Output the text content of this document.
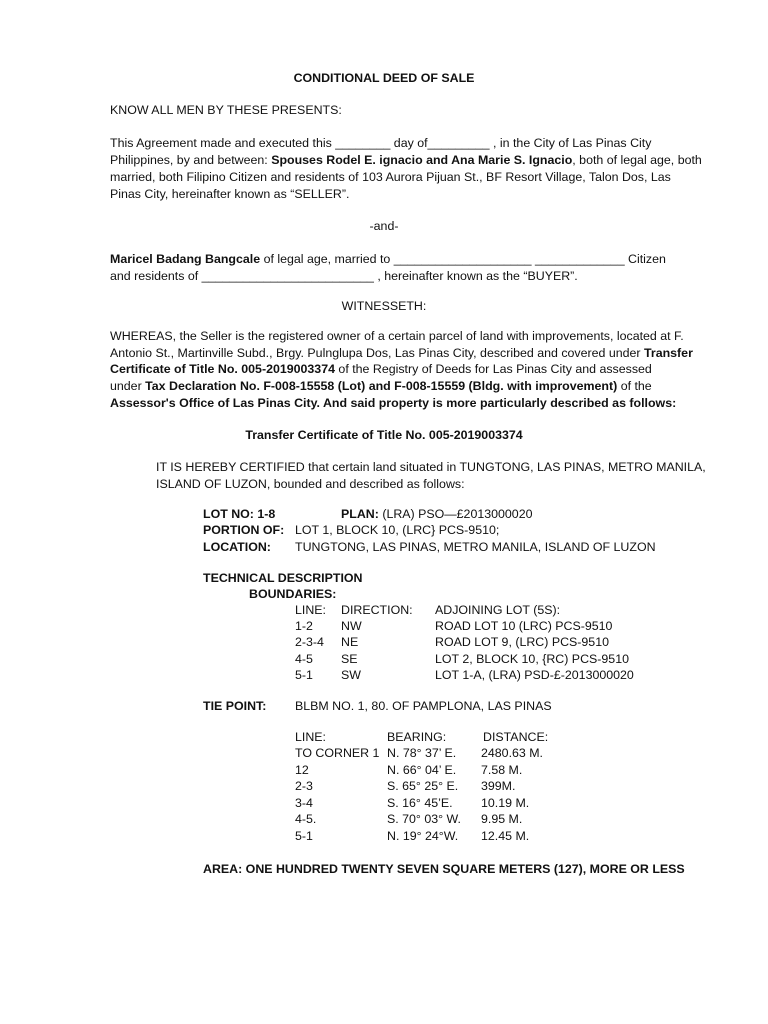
CONDITIONAL DEED OF SALE
KNOW ALL MEN BY THESE PRESENTS:
This Agreement made and executed this ________ day of_________ , in the City of Las Pinas City
Philippines, by and between: Spouses Rodel E. ignacio and Ana Marie S. Ignacio, both of legal age, both
married, both Filipino Citizen and residents of 103 Aurora Pijuan St., BF Resort Village, Talon Dos, Las
Pinas City, hereinafter known as “SELLER”.
-and-
Maricel Badang Bangcale of legal age, married to ____________________ _____________ Citizen
and residents of _________________________ , hereinafter known as the “BUYER”.
WITNESSETH:
WHEREAS, the Seller is the registered owner of a certain parcel of land with improvements, located at F.
Antonio St., Martinville Subd., Brgy. Pulnglupa Dos, Las Pinas City, described and covered under Transfer
Certificate of Title No. 005-2019003374 of the Registry of Deeds for Las Pinas City and assessed
under Tax Declaration No. F-008-15558 (Lot) and F-008-15559 (Bldg. with improvement) of the
Assessor's Office of Las Pinas City. And said property is more particularly described as follows:
Transfer Certificate of Title No. 005-2019003374
IT IS HEREBY CERTIFIED that certain land situated in TUNGTONG, LAS PINAS, METRO MANILA,
ISLAND OF LUZON, bounded and described as follows:
LOT NO: 1-8	PLAN: (LRA) PSO—£2013000020
PORTION OF: LOT 1, BLOCK 10, (LRC} PCS-9510;
LOCATION: TUNGTONG, LAS PINAS, METRO MANILA, ISLAND OF LUZON
TECHNICAL DESCRIPTION
BOUNDARIES:
LINE: DIRECTION: ADJOINING LOT (5S):
1-2 NW	ROAD LOT 10 (LRC) PCS-9510
2-3-4 NE	ROAD LOT 9, (LRC) PCS-9510
4-5 SE	LOT 2, BLOCK 10, {RC) PCS-9510
5-1 SW	LOT 1-A, (LRA) PSD-£-2013000020
TIE POINT: BLBM NO. 1, 80. OF PAMPLONA, LAS PINAS
LINE:	BEARING:	DISTANCE:
TO CORNER 1 N. 78° 37’ E. 2480.63 M.
12	N. 66° 04’ E. 7.58 M.
2-3	S. 65° 25° E. 399M.
3-4	S. 16° 45’E. 10.19 M.
4-5.	S. 70° 03° W. 9.95 M.
5-1	N. 19° 24°W. 12.45 M.
AREA: ONE HUNDRED TWENTY SEVEN SQUARE METERS (127), MORE OR LESS
